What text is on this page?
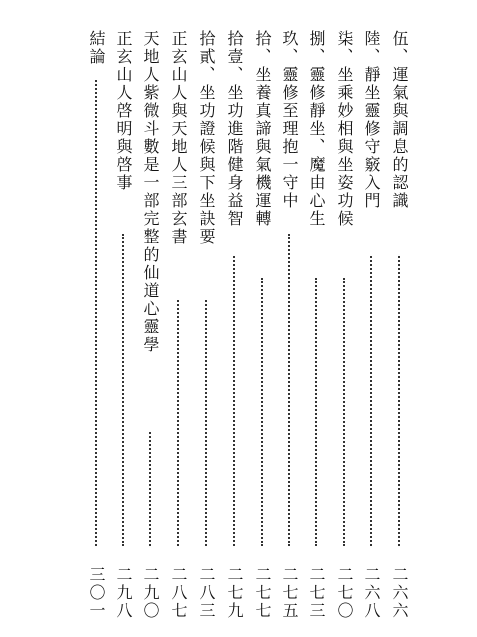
伍、運氣與調息的認識
二六六
陸、靜坐靈修守竅入門
二六八
柒、坐乘妙相與坐姿功候
二七〇
捌、靈修靜坐、魔由心生
二七三
玖、靈修至理抱一守中
二七五
拾、坐養真諦與氣機運轉
二七七
拾壹、坐功進階健身益智
二七九
拾貳、坐功證候與下坐訣要
二八三
正玄山人與天地人三部玄書
二八七
天地人紫微斗數是一部完整的仙道心靈學
二九〇
正玄山人啓明與啓事
二九八
結論
三〇一
